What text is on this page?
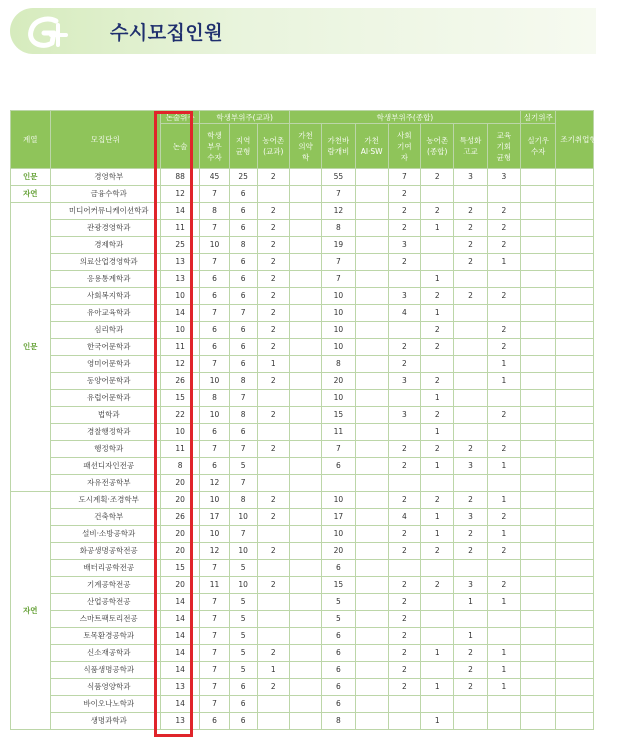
수시모집인원
계열	모집단위	논술위주	학생부위주(교과)			학생부위주(종합)							실기위주	조기취업형계약학과
		논술	학생부우수자	지역균형	농어촌(교과)	가천의약학	가천바람개비	가천AI·SW	사회기여자	농어촌(종합)	특성화고교	교육기회균형	실기우수자	
인문	경영학부	88	45	25	2		55		7	2	3	3		
자연	금융수학과	12	7	6			7		2					
인문	미디어커뮤니케이션학과	14	8	6	2		12		2	2	2	2		
	관광경영학과	11	7	6	2		8		2	1	2	2		
	경제학과	25	10	8	2		19		3		2	2		
	의료산업경영학과	13	7	6	2		7		2		2	1		
	응용통계학과	13	6	6	2		7			1				
	사회복지학과	10	6	6	2		10		3	2	2	2		
	유아교육학과	14	7	7	2		10		4	1				
	심리학과	10	6	6	2		10			2		2		
	한국어문학과	11	6	6	2		10		2	2		2		
	영미어문학과	12	7	6	1		8		2			1		
	동양어문학과	26	10	8	2		20		3	2		1		
	유럽어문학과	15	8	7			10			1				
	법학과	22	10	8	2		15		3	2		2		
	경찰행정학과	10	6	6			11			1				
	행정학과	11	7	7	2		7		2	2	2	2		
	패션디자인전공	8	6	5			6		2	1	3	1		
	자유전공학부	20	12	7										
자연	도시계획·조경학부	20	10	8	2		10		2	2	2	1		
	건축학부	26	17	10	2		17		4	1	3	2		
	설비·소방공학과	20	10	7			10		2	1	2	1		
	화공생명공학전공	20	12	10	2		20		2	2	2	2		
	배터리공학전공	15	7	5			6							
	기계공학전공	20	11	10	2		15		2	2	3	2		
	산업공학전공	14	7	5			5		2		1	1		
	스마트팩토리전공	14	7	5			5		2					
	토목환경공학과	14	7	5			6		2		1			
	신소재공학과	14	7	5	2		6		2	1	2	1		
	식품생명공학과	14	7	5	1		6		2		2	1		
	식품영양학과	13	7	6	2		6		2	1	2	1		
	바이오나노학과	14	7	6			6							
	생명과학과	13	6	6			8			1				
